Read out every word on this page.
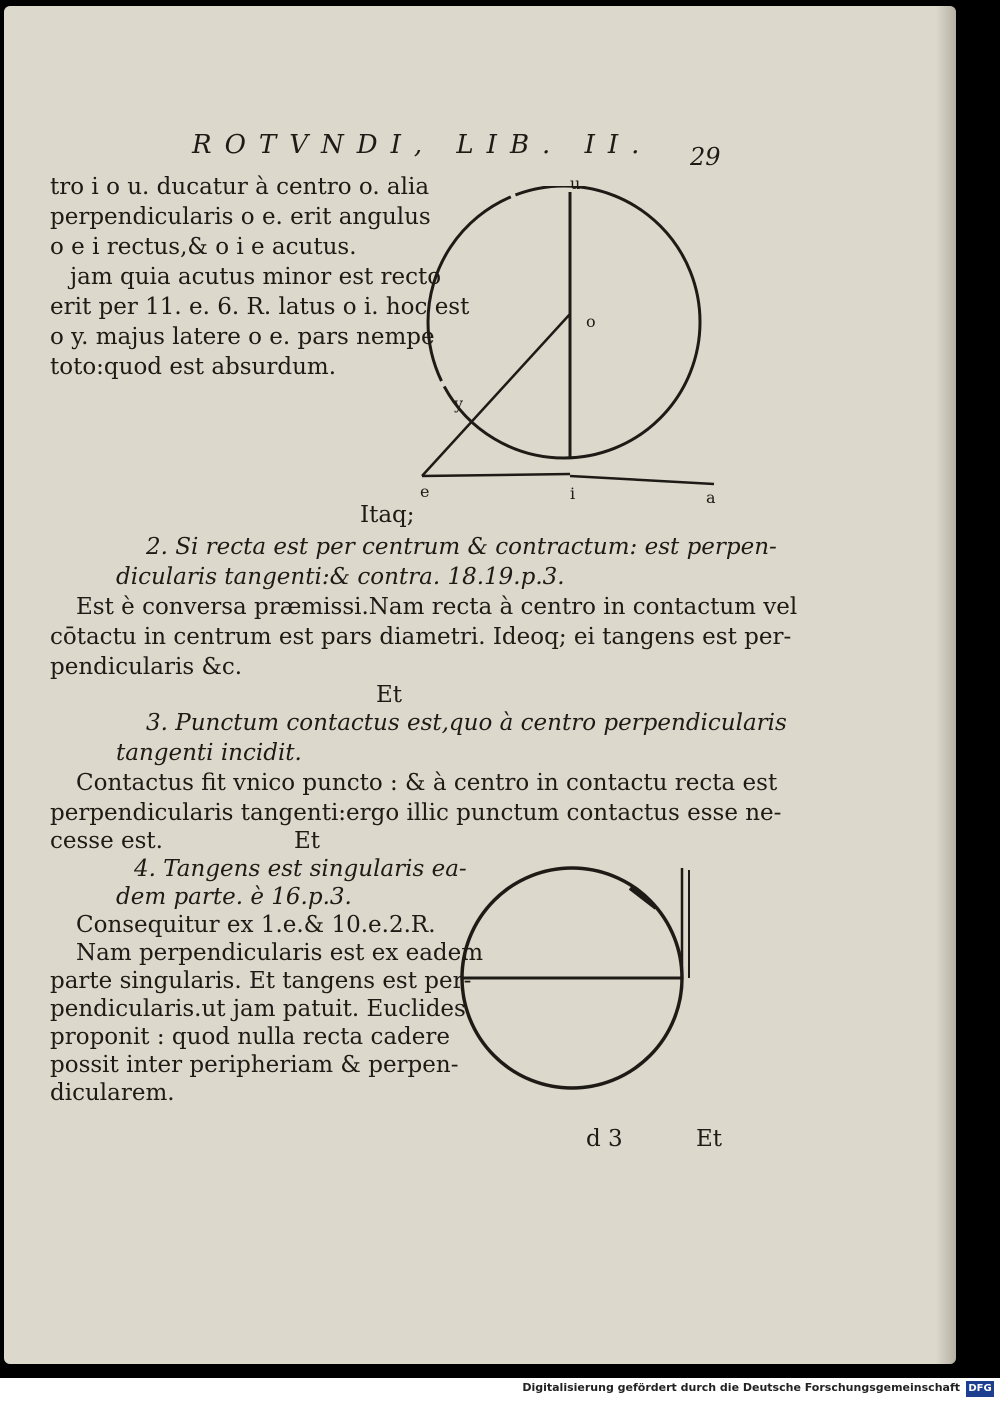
ROTVNDI, LIB. II. 29
tro i o u. ducatur à centro o. alia
perpendicularis o e. erit angulus
o e i rectus,& o i e acutus.
jam quia acutus minor est recto
erit per 11. e. 6. R. latus o i. hoc est
o y. majus latere o e. pars nempe
toto:quod est absurdum.
u
o
y
e	i	a
Itaq;
2. Si recta est per centrum & contractum: est perpen-
dicularis tangenti:& contra. 18.19.p.3.
Est è conversa præmissi.Nam recta à centro in contactum vel
cōtactu in centrum est pars diametri. Ideoq; ei tangens est per-
pendicularis &c.
Et
3. Punctum contactus est,quo à centro perpendicularis
tangenti incidit.
Contactus fit vnico puncto : & à centro in contactu recta est
perpendicularis tangenti:ergo illic punctum contactus esse ne-
cesse est.	Et
4. Tangens est singularis ea-
dem parte. è 16.p.3.
Consequitur ex 1.e.& 10.e.2.R.
Nam perpendicularis est ex eadem
parte singularis. Et tangens est per-
pendicularis.ut jam patuit. Euclides
proponit : quod nulla recta cadere
possit inter peripheriam & perpen-
dicularem.
d 3	Et
Digitalisierung gefördert durch die Deutsche Forschungsgemeinschaft DFG
